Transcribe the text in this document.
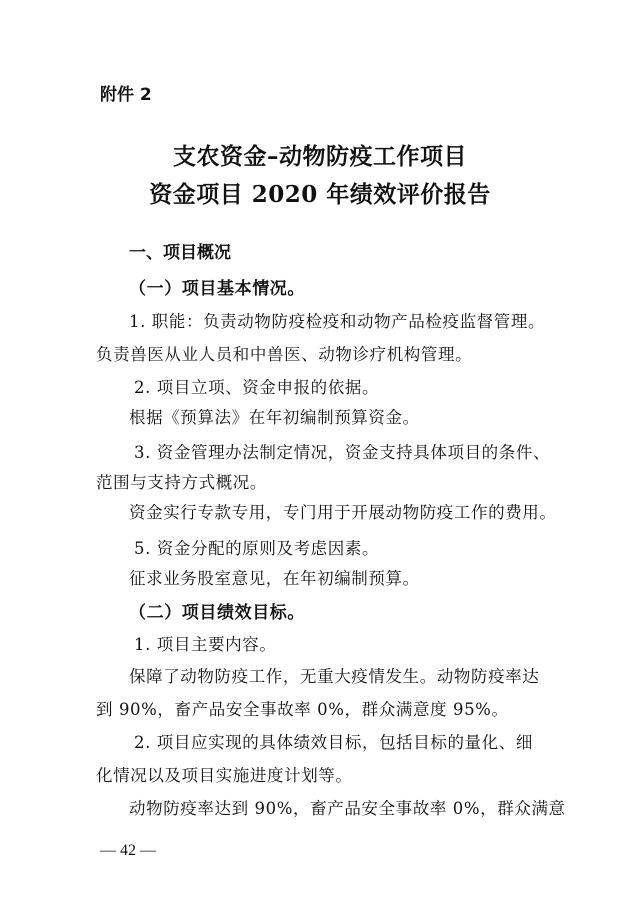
附件 2
支农资金–动物防疫工作项目
资金项目 2020 年绩效评价报告
一、项目概况
（一）项目基本情况。
1. 职能：负责动物防疫检疫和动物产品检疫监督管理。
负责兽医从业人员和中兽医、动物诊疗机构管理。
2. 项目立项、资金申报的依据。
根据《预算法》在年初编制预算资金。
3. 资金管理办法制定情况，资金支持具体项目的条件、
范围与支持方式概况。
资金实行专款专用，专门用于开展动物防疫工作的费用。
5. 资金分配的原则及考虑因素。
征求业务股室意见，在年初编制预算。
（二）项目绩效目标。
1. 项目主要内容。
保障了动物防疫工作，无重大疫情发生。动物防疫率达
到 90%，畜产品安全事故率 0%，群众满意度 95%。
2. 项目应实现的具体绩效目标，包括目标的量化、细
化情况以及项目实施进度计划等。
动物防疫率达到 90%，畜产品安全事故率 0%，群众满意
— 42 —
